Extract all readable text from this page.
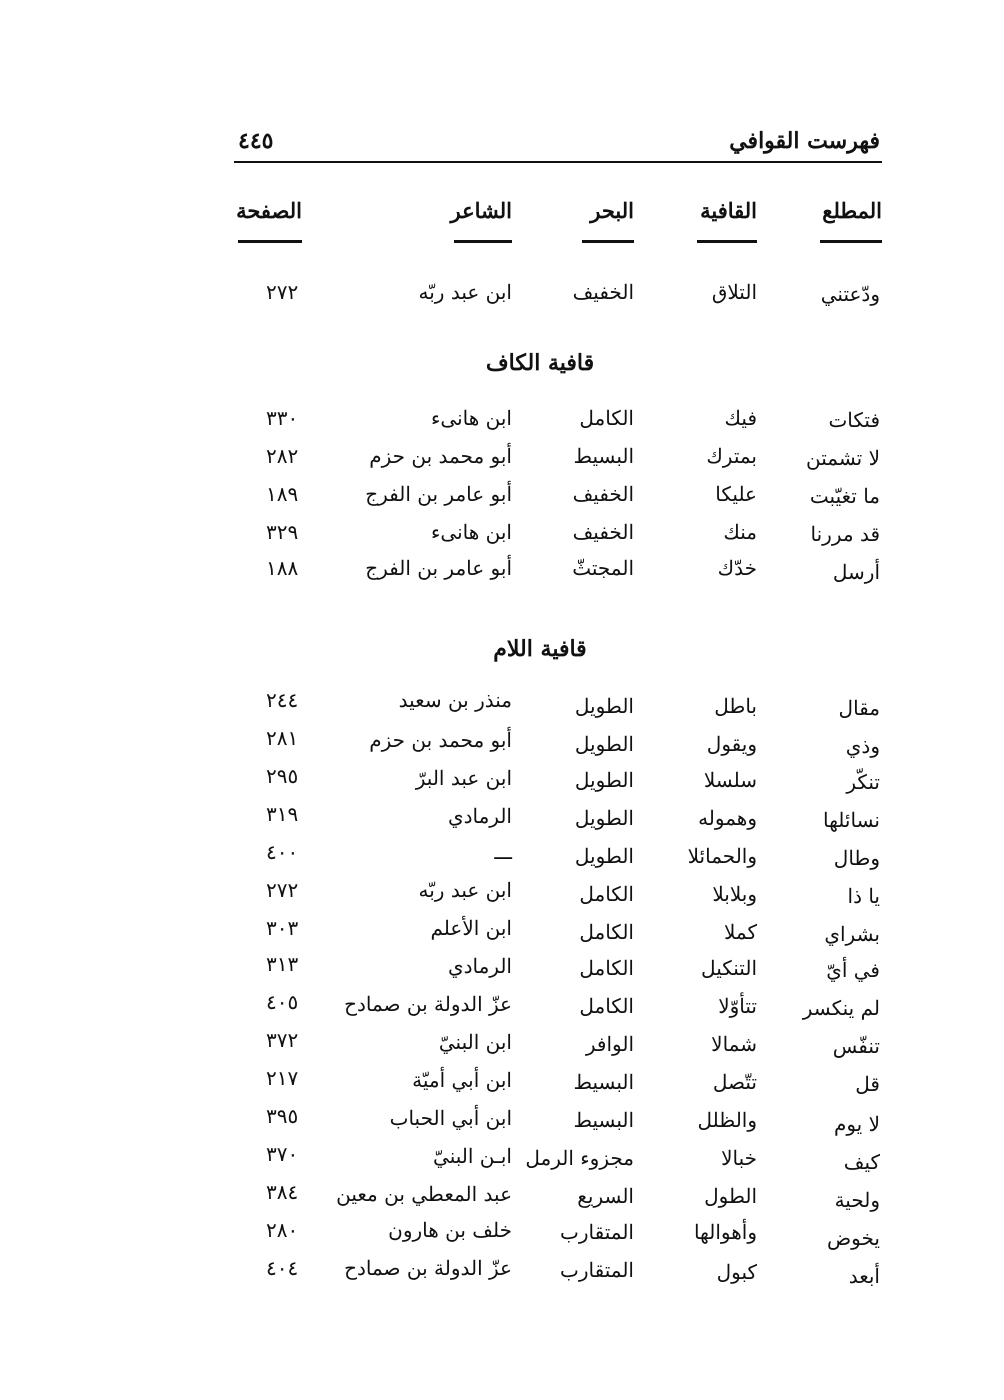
فهرست القوافي
٤٤٥
المطلع
القافية
البحر
الشاعر
الصفحة
ودّعتني
التلاق
الخفيف
ابن عبد ربّه
٢٧٢
قافية الكاف
فتكات
فيك
الكامل
ابن هانىء
٣٣٠
لا تشمتن
بمترك
البسيط
أبو محمد بن حزم
٢٨٢
ما تغيّبت
عليكا
الخفيف
أبو عامر بن الفرج
١٨٩
قد مررنا
منك
الخفيف
ابن هانىء
٣٢٩
أرسل
خدّك
المجتثّ
أبو عامر بن الفرج
١٨٨
قافية اللام
مقال
باطل
الطويل
منذر بن سعيد
٢٤٤
وذي
ويقول
الطويل
أبو محمد بن حزم
٢٨١
تنكّر
سلسلا
الطويل
ابن عبد البرّ
٢٩٥
نسائلها
وهموله
الطويل
الرمادي
٣١٩
وطال
والحمائلا
الطويل
ـــ
٤٠٠
يا ذا
وبلابلا
الكامل
ابن عبد ربّه
٢٧٢
بشراي
كملا
الكامل
ابن الأعلم
٣٠٣
في أيّ
التنكيل
الكامل
الرمادي
٣١٣
لم ينكسر
تتأوّلا
الكامل
عزّ الدولة بن صمادح
٤٠٥
تنفّس
شمالا
الوافر
ابن البنيّ
٣٧٢
قل
تتّصل
البسيط
ابن أبي أميّة
٢١٧
لا يوم
والظلل
البسيط
ابن أبي الحباب
٣٩٥
كيف
خبالا
مجزوء الرمل
ابـن البنيّ
٣٧٠
ولحية
الطول
السريع
عبد المعطي بن معين
٣٨٤
يخوض
وأهوالها
المتقارب
خلف بن هارون
٢٨٠
أبعد
كبول
المتقارب
عزّ الدولة بن صمادح
٤٠٤
